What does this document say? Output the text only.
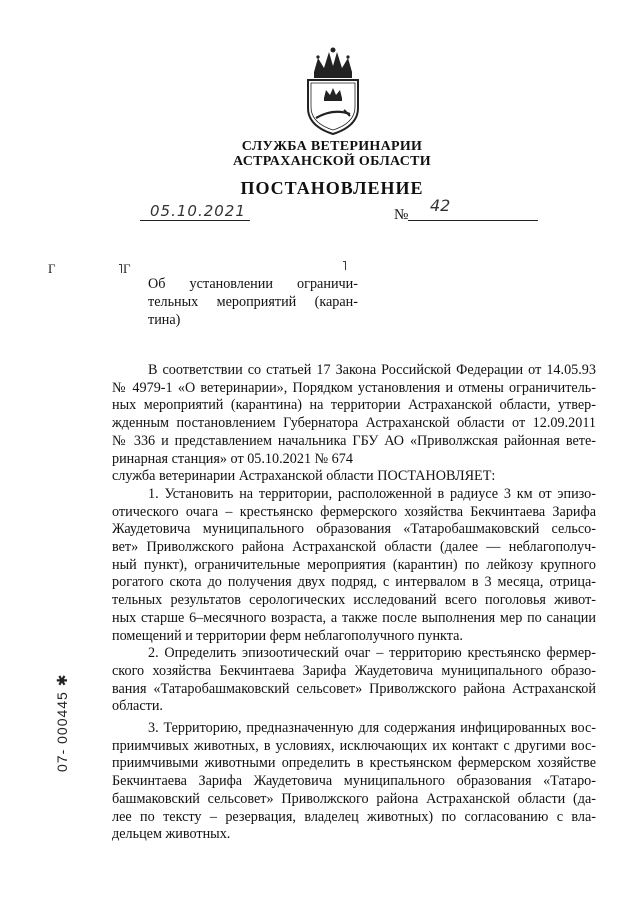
СЛУЖБА ВЕТЕРИНАРИИ
АСТРАХАНСКОЙ ОБЛАСТИ
ПОСТАНОВЛЕНИЕ
05.10.2021	№ 42
Г	˥Г	˥
Об установлении ограничи-
тельных мероприятий (каран-
тина)
В соответствии со статьей 17 Закона Российской Федерации от 14.05.93
№ 4979-1 «О ветеринарии», Порядком установления и отмены ограничитель-
ных мероприятий (карантина) на территории Астраханской области, утвер-
жденным постановлением Губернатора Астраханской области от 12.09.2011
№ 336 и представлением начальника ГБУ АО «Приволжская районная вете-
ринарная станция» от 05.10.2021 № 674
служба ветеринарии Астраханской области ПОСТАНОВЛЯЕТ:
1. Установить на территории, расположенной в радиусе 3 км от эпизо-
отического очага – крестьянско фермерского хозяйства Бекчинтаева Зарифа
Жаудетовича муниципального образования «Татаробашмаковский сельсо-
вет» Приволжского района Астраханской области (далее — неблагополуч-
ный пункт), ограничительные мероприятия (карантин) по лейкозу крупного
рогатого скота до получения двух подряд, с интервалом в 3 месяца, отрица-
тельных результатов серологических исследований всего поголовья живот-
ных старше 6–месячного возраста, а также после выполнения мер по санации
помещений и территории ферм неблагополучного пункта.
2. Определить эпизоотический очаг – территорию крестьянско фермер-
ского хозяйства Бекчинтаева Зарифа Жаудетовича муниципального образо-
вания «Татаробашмаковский сельсовет» Приволжского района Астраханской
области.
3. Территорию, предназначенную для содержания инфицированных вос-
приимчивых животных, в условиях, исключающих их контакт с другими вос-
приимчивыми животными определить в крестьянском фермерском хозяйстве
Бекчинтаева Зарифа Жаудетовича муниципального образования «Татаро-
башмаковский сельсовет» Приволжского района Астраханской области (да-
лее по тексту – резервация, владелец животных) по согласованию с вла-
дельцем животных.
07- 000445 ✱
